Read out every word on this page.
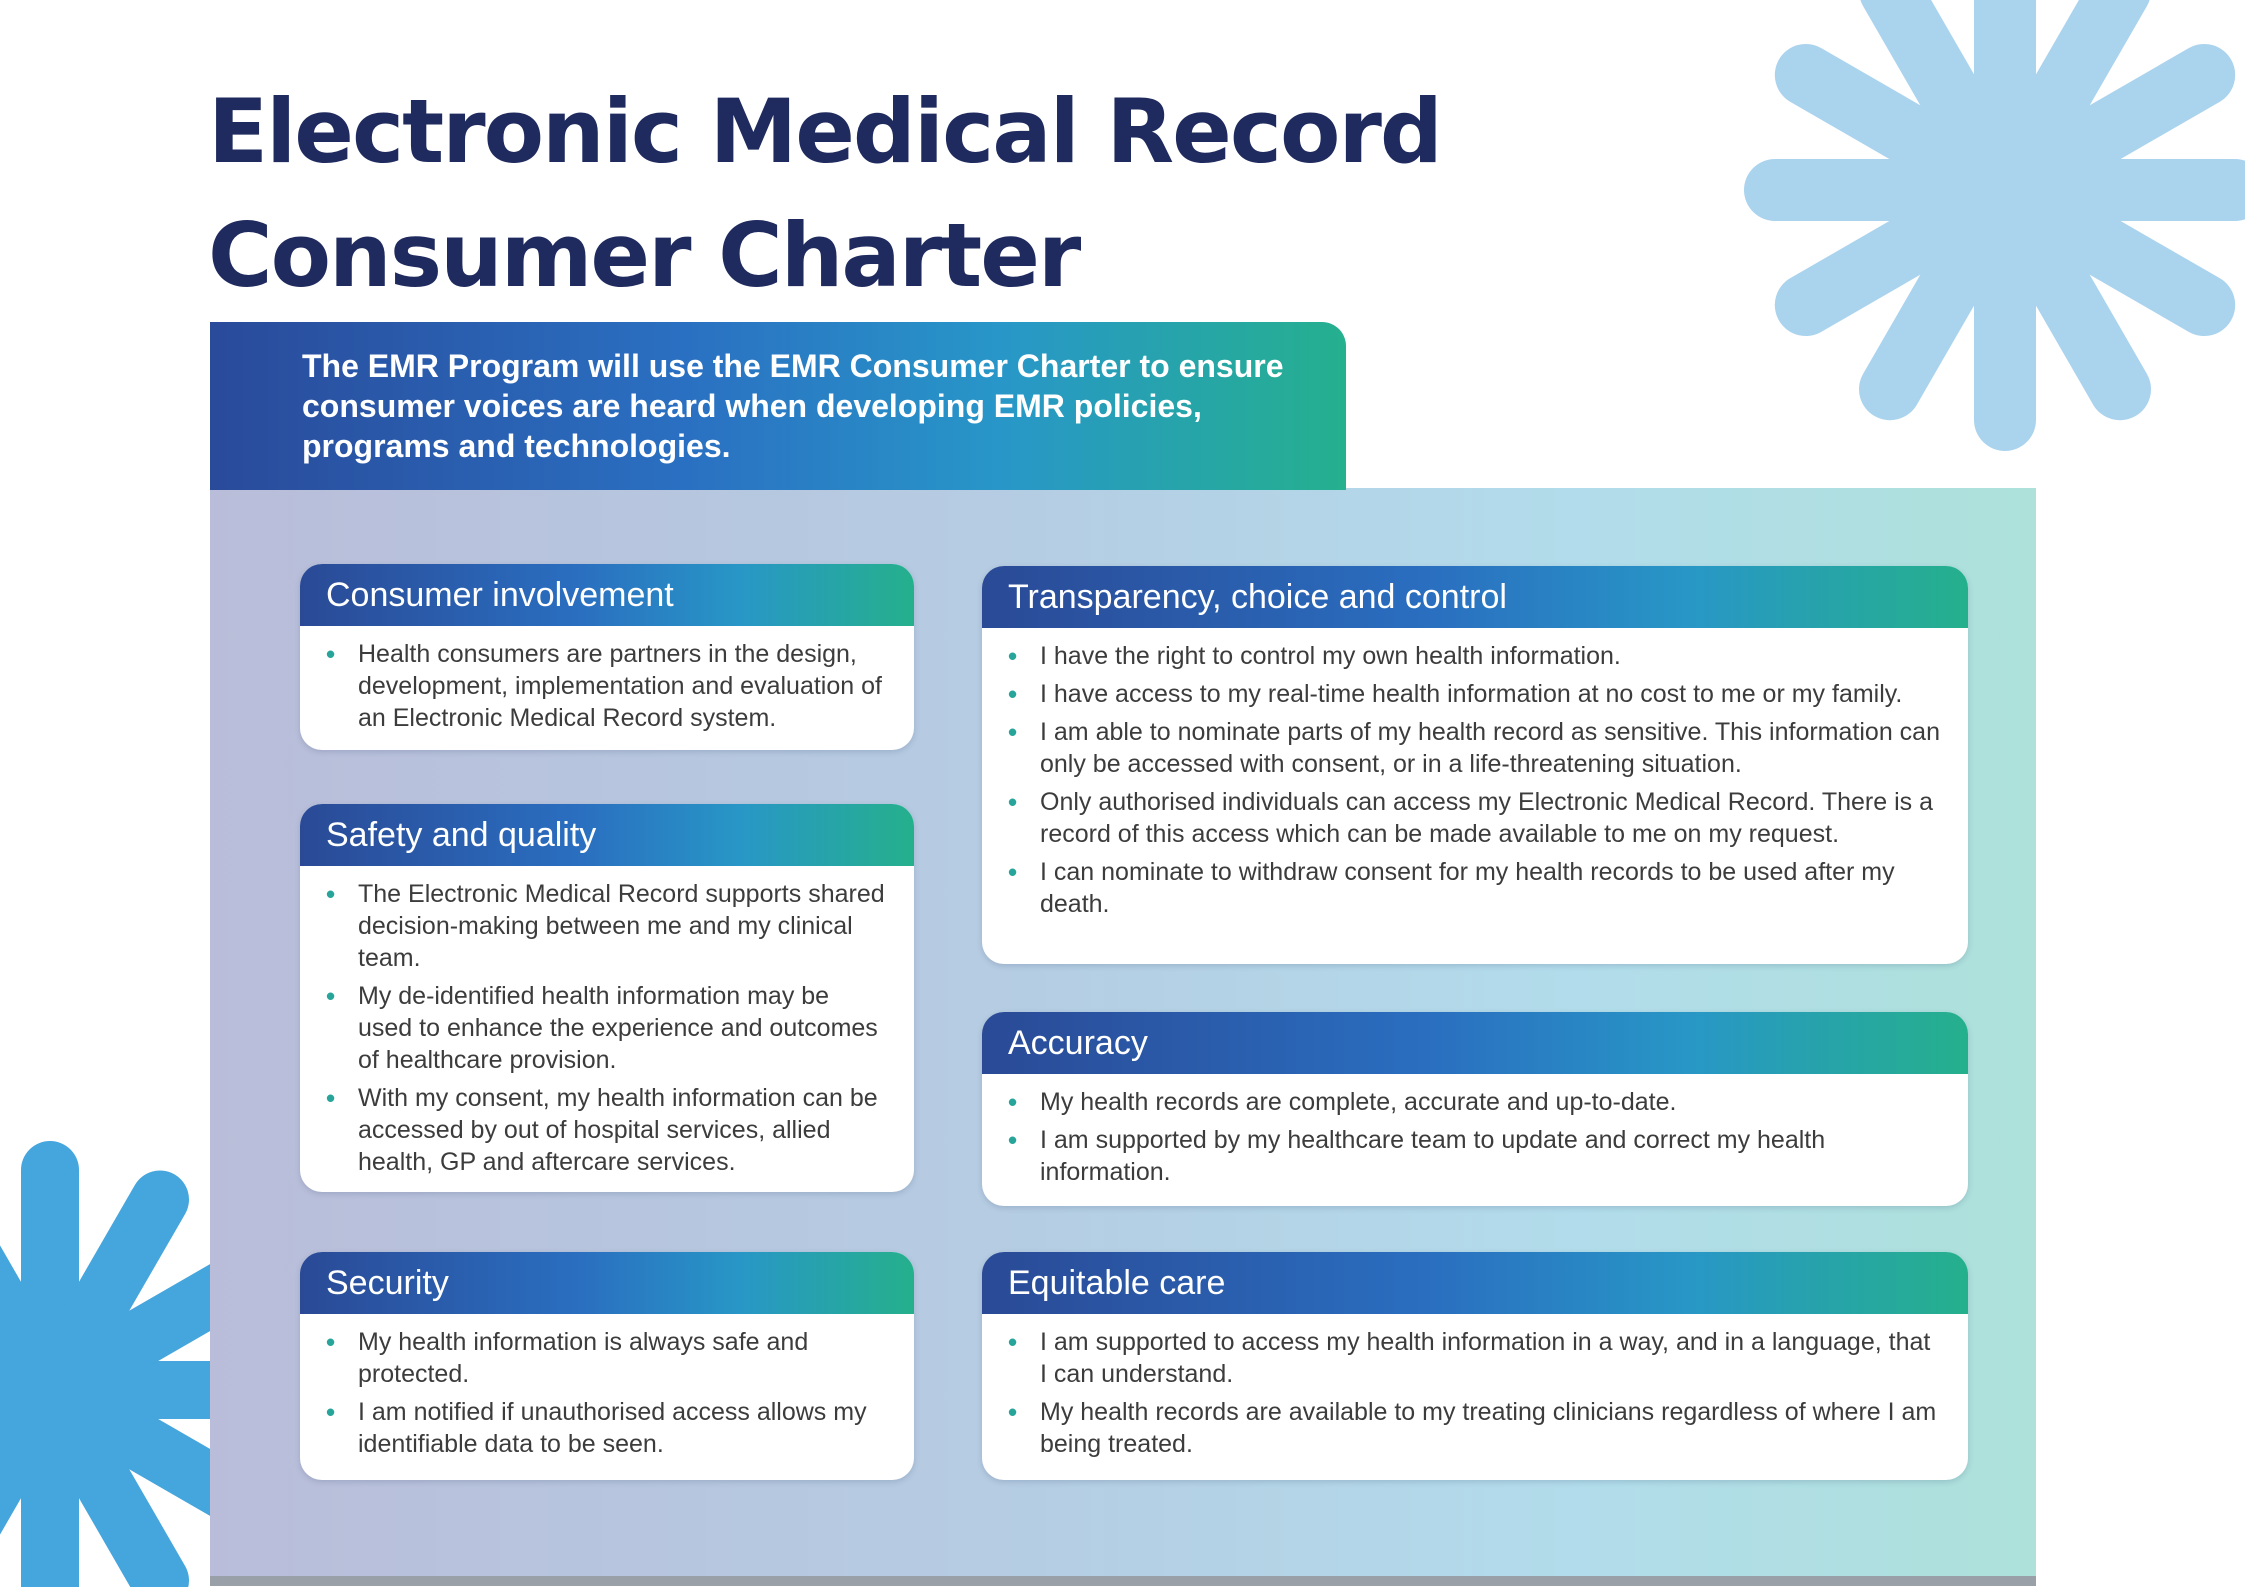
Electronic Medical Record
Consumer Charter

The EMR Program will use the EMR Consumer Charter to ensure consumer voices are heard when developing EMR policies, programs and technologies.

Consumer involvement
• Health consumers are partners in the design, development, implementation and evaluation of an Electronic Medical Record system.
Safety and quality
• The Electronic Medical Record supports shared decision-making between me and my clinical team.
• My de-identified health information may be used to enhance the experience and outcomes of healthcare provision.
• With my consent, my health information can be accessed by out of hospital services, allied health, GP and aftercare services.
Security
• My health information is always safe and protected.
• I am notified if unauthorised access allows my identifiable data to be seen.
Transparency, choice and control
• I have the right to control my own health information.
• I have access to my real-time health information at no cost to me or my family.
• I am able to nominate parts of my health record as sensitive. This information can only be accessed with consent, or in a life-threatening situation.
• Only authorised individuals can access my Electronic Medical Record. There is a record of this access which can be made available to me on my request.
• I can nominate to withdraw consent for my health records to be used after my death.
Accuracy
• My health records are complete, accurate and up-to-date.
• I am supported by my healthcare team to update and correct my health information.
Equitable care
• I am supported to access my health information in a way, and in a language, that I can understand.
• My health records are available to my treating clinicians regardless of where I am being treated.
